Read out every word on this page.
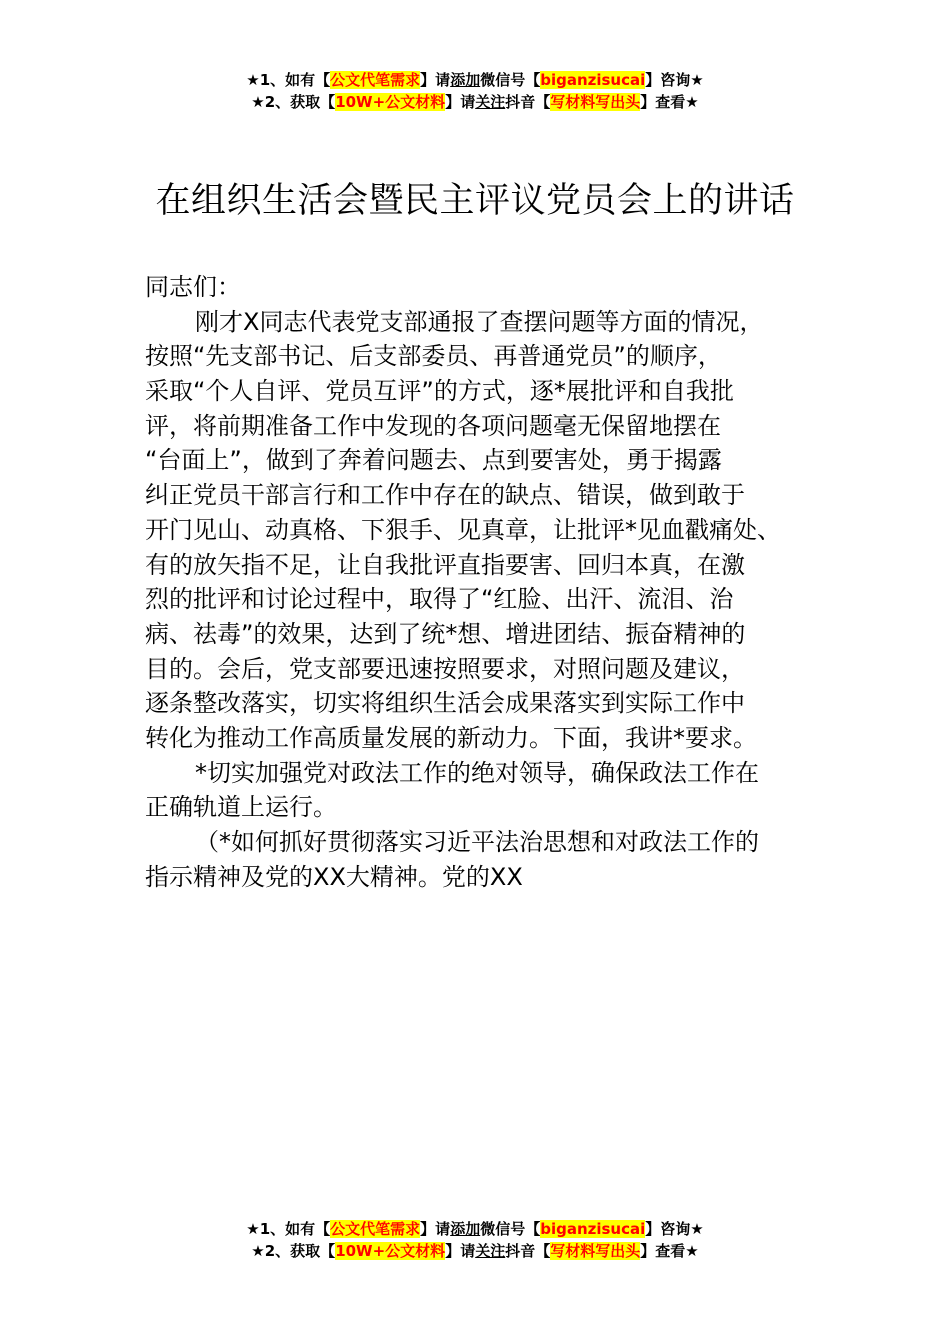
★1、如有【公文代笔需求】请添加微信号【biganzisucai】咨询★
★2、获取【10W+公文材料】请关注抖音【写材料写出头】查看★
在组织生活会暨民主评议党员会上的讲话
同志们：
刚才X同志代表党支部通报了查摆问题等方面的情况，
按照“先支部书记、后支部委员、再普通党员”的顺序，
采取“个人自评、党员互评”的方式，逐*展批评和自我批
评，将前期准备工作中发现的各项问题毫无保留地摆在
“台面上”，做到了奔着问题去、点到要害处，勇于揭露
纠正党员干部言行和工作中存在的缺点、错误，做到敢于
开门见山、动真格、下狠手、见真章，让批评*见血戳痛处、
有的放矢指不足，让自我批评直指要害、回归本真，在激
烈的批评和讨论过程中，取得了“红脸、出汗、流泪、治
病、祛毒”的效果，达到了统*想、增进团结、振奋精神的
目的。会后，党支部要迅速按照要求，对照问题及建议，
逐条整改落实，切实将组织生活会成果落实到实际工作中
转化为推动工作高质量发展的新动力。下面，我讲*要求。
*切实加强党对政法工作的绝对领导，确保政法工作在
正确轨道上运行。
（*如何抓好贯彻落实习近平法治思想和对政法工作的
指示精神及党的XX大精神。党的XX
★1、如有【公文代笔需求】请添加微信号【biganzisucai】咨询★
★2、获取【10W+公文材料】请关注抖音【写材料写出头】查看★
